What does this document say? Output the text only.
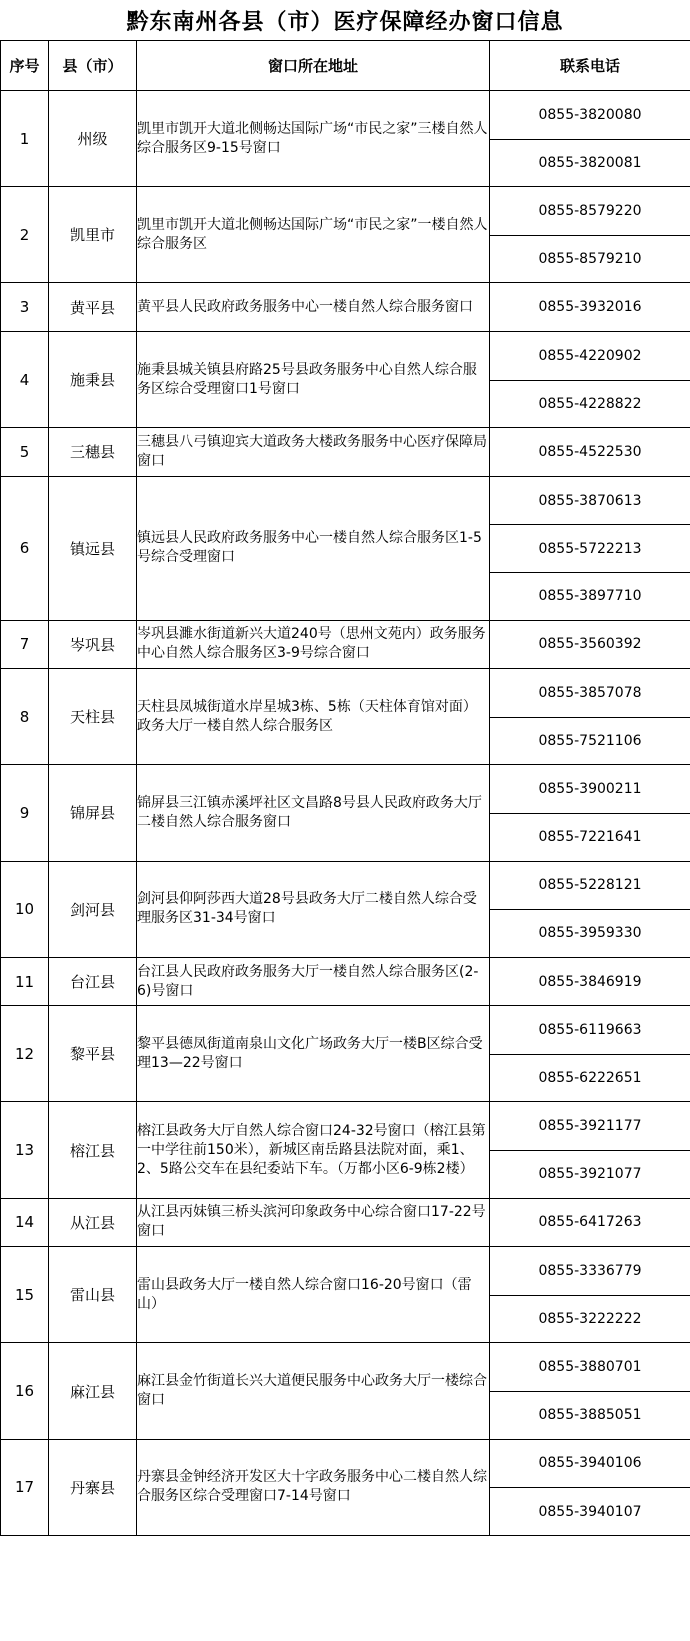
黔东南州各县（市）医疗保障经办窗口信息
序号	县（市）	窗口所在地址	联系电话
1	州级	凯里市凯开大道北侧畅达国际广场“市民之家”三楼自然人综合服务区9-15号窗口	0855-3820080
0855-3820081

2	凯里市	凯里市凯开大道北侧畅达国际广场“市民之家”一楼自然人综合服务区	0855-8579220
0855-8579210

3	黄平县	黄平县人民政府政务服务中心一楼自然人综合服务窗口	0855-3932016

4	施秉县	施秉县城关镇县府路25号县政务服务中心自然人综合服务区综合受理窗口1号窗口	0855-4220902
0855-4228822

5	三穗县	三穗县八弓镇迎宾大道政务大楼政务服务中心医疗保障局窗口	0855-4522530

6	镇远县	镇远县人民政府政务服务中心一楼自然人综合服务区1-5号综合受理窗口	0855-3870613
0855-5722213
0855-3897710

7	岑巩县	岑巩县濉水街道新兴大道240号（思州文苑内）政务服务中心自然人综合服务区3-9号综合窗口	0855-3560392

8	天柱县	天柱县凤城街道水岸星城3栋、5栋（天柱体育馆对面）政务大厅一楼自然人综合服务区	0855-3857078
0855-7521106

9	锦屏县	锦屏县三江镇赤溪坪社区文昌路8号县人民政府政务大厅二楼自然人综合服务窗口	0855-3900211
0855-7221641

10	剑河县	剑河县仰阿莎西大道28号县政务大厅二楼自然人综合受理服务区31-34号窗口	0855-5228121
0855-3959330

11	台江县	台江县人民政府政务服务大厅一楼自然人综合服务区(2-6)号窗口	0855-3846919

12	黎平县	黎平县德凤街道南泉山文化广场政务大厅一楼B区综合受理13—22号窗口	0855-6119663
0855-6222651

13	榕江县	榕江县政务大厅自然人综合窗口24-32号窗口（榕江县第一中学往前150米），新城区南岳路县法院对面，乘1、2、5路公交车在县纪委站下车。（万都小区6-9栋2楼）	0855-3921177
0855-3921077

14	从江县	从江县丙妹镇三桥头滨河印象政务中心综合窗口17-22号窗口	0855-6417263

15	雷山县	雷山县政务大厅一楼自然人综合窗口16-20号窗口（雷山）	0855-3336779
0855-3222222

16	麻江县	麻江县金竹街道长兴大道便民服务中心政务大厅一楼综合窗口	0855-3880701
0855-3885051

17	丹寨县	丹寨县金钟经济开发区大十字政务服务中心二楼自然人综合服务区综合受理窗口7-14号窗口	0855-3940106
0855-3940107
